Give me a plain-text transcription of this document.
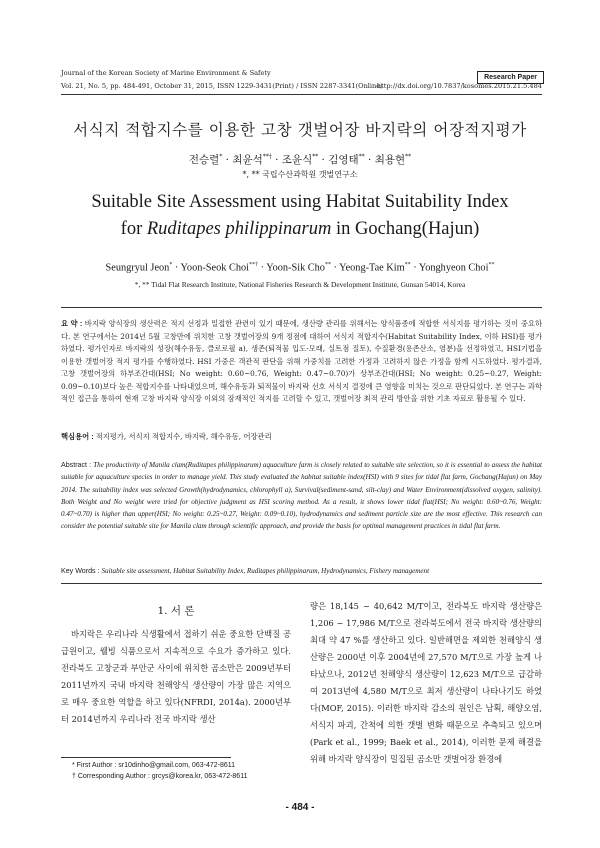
Journal of the Korean Society of Marine Environment & Safety
Research Paper
Vol. 21, No. 5, pp. 484-491, October 31, 2015, ISSN 1229-3431(Print) / ISSN 2287-3341(Online)
http://dx.doi.org/10.7837/kosomes.2015.21.5.484
서식지 적합지수를 이용한 고창 갯벌어장 바지락의 어장적지평가
전승렬* · 최윤석**† · 조윤식** · 김영태** · 최용현**
*, ** 국립수산과학원 갯벌연구소
Suitable Site Assessment using Habitat Suitability Index
for Ruditapes philippinarum in Gochang(Hajun)
Seungryul Jeon* · Yoon-Seok Choi**† · Yoon-Sik Cho** · Yeong-Tae Kim** · Yonghyeon Choi**
*, ** Tidal Flat Research Institute, National Fisheries Research & Development Institute, Gunsan 54014, Korea
요 약 : 바지락 양식장의 생산력은 적지 선정과 밀접한 관련이 있기 때문에, 생산량 관리를 위해서는 양식품종에 적합한 서식지를 평가하는 것이 중요하다. 본 연구에서는 2014년 5월 고창만에 위치한 고창 갯벌어장의 9개 정점에 대하여 서식지 적합지수(Habitat Suitability Index, 이하 HSI)를 평가하였다. 평가인자로 바지락의 성장(해수유동, 클로로필 a), 생존(퇴적물 입도-모래, 실트점 질토), 수질환경(용존산소, 염분)을 선정하였고, HSI기법을 이용한 갯벌어장 적지 평가를 수행하였다. HSI 가중은 객관적 판단을 위해 가중치를 고려한 가정과 고려하지 않은 가정을 함께 시도하였다. 평가결과, 고창 갯벌어장의 하부조간대(HSI; No weight: 0.60~0.76, Weight: 0.47~0.70)가 상부조간대(HSI; No weight: 0.25~0.27, Weight: 0.09~0.10)보다 높은 적합지수를 나타내었으며, 해수유동과 퇴적물이 바지락 선호 서식지 결정에 큰 영향을 미치는 것으로 판단되었다. 본 연구는 과학적인 접근을 통하여 현재 고창 바지락 양식장 이외의 잠재적인 적지를 고려할 수 있고, 갯벌어장 최적 관리 방안을 위한 기초 자료로 활용될 수 있다.
핵심용어 : 적지평가, 서식지 적합지수, 바지락, 해수유동, 어장관리
Abstract : The productivity of Manila clam(Ruditapes philippinarum) aquaculture farm is closely related to suitable site selection, so it is essential to assess the habitat suitable for aquaculture species in order to manage yield. This study evaluated the habitat suitable index(HSI) with 9 sites for tidal flat farm, Gochang(Hajun) on May 2014. The suitability index was selected Growth(hydrodynamics, chlorophyll a), Survival(sediment-sand, silt-clay) and Water Environment(dissolved oxygen, salinity). Both Weight and No weight were tried for objective judgment as HSI scoring method. As a result, it shows lower tidal flat(HSI; No weight: 0.60~0.76, Weight: 0.47~0.70) is higher than upper(HSI; No weight: 0.25~0.27, Weight: 0.09~0.10), hydrodynamics and sediment particle size are the most effective. This research can consider the potential suitable site for Manila clam through scientific approach, and provide the basis for optimal management practices in tidal flat farm.
Key Words : Suitable site assessment, Habitat Suitability Index, Ruditapes philippinarum, Hydrodynamics, Fishery management
1. 서 론
바지락은 우리나라 식생활에서 접하기 쉬운 중요한 단백질 공급원이고, 웰빙 식품으로서 지속적으로 수요가 증가하고 있다. 전라북도 고창군과 부안군 사이에 위치한 곰소만은 2009년부터 2011년까지 국내 바지락 천해양식 생산량이 가장 많은 지역으로 매우 중요한 역할을 하고 있다(NFRDI, 2014a). 2000년부터 2014년까지 우리나라 전국 바지락 생산
량은 18,145 ~ 40,642 M/T이고, 전라북도 바지락 생산량은 1,206 ~ 17,986 M/T으로 전라북도에서 전국 바지락 생산량의 최대 약 47 %를 생산하고 있다. 일반해면을 제외한 천해양식 생산량은 2000년 이후 2004년에 27,570 M/T으로 가장 높게 나타났으나, 2012년 천해양식 생산량이 12,623 M/T으로 급감하여 2013년에 4,580 M/T으로 최저 생산량이 나타나기도 하였다(MOF, 2015). 이러한 바지락 감소의 원인은 남획, 해양오염, 서식지 파괴, 간척에 의한 갯벌 변화 때문으로 추측되고 있으며(Park et al., 1999; Baek et al., 2014), 이러한 문제 해결을 위해 바지락 양식장이 밀집된 곰소만 갯벌어장 환경에
* First Author : sr10dinho@gmail.com, 063-472-8611
† Corresponding Author : grcys@korea.kr, 063-472-8611
- 484 -
